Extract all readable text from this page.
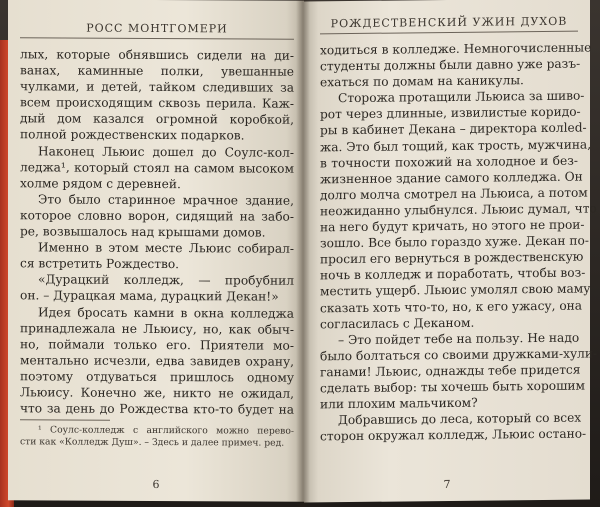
РОСС МОНТГОМЕРИ
лых, которые обнявшись сидели на ди-
ванах, каминные полки, увешанные
чулками, и детей, тайком следивших за
всем происходящим сквозь перила. Каж-
дый дом казался огромной коробкой,
полной рождественских подарков.
Наконец Льюис дошел до Соулс-кол-
леджа¹, который стоял на самом высоком
холме рядом с деревней.
Это было старинное мрачное здание,
которое словно ворон, сидящий на забо-
ре, возвышалось над крышами домов.
Именно в этом месте Льюис собирал-
ся встретить Рождество.
«Дурацкий колледж, — пробубнил
он. – Дурацкая мама, дурацкий Декан!»
Идея бросать камни в окна колледжа
принадлежала не Льюису, но, как обыч-
но, поймали только его. Приятели мо-
ментально исчезли, едва завидев охрану,
поэтому отдуваться пришлось одному
Льюису. Конечно же, никто не ожидал,
что за день до Рождества кто-то будет на
¹ Соулс-колледж с английского можно перево-
сти как «Колледж Душ». – Здесь и далее примеч. ред.
6
РОЖДЕСТВЕНСКИЙ УЖИН ДУХОВ
ходиться в колледже. Немногочисленные
студенты должны были давно уже разъ-
ехаться по домам на каникулы.
Сторожа протащили Льюиса за шиво-
рот через длинные, извилистые коридо-
ры в кабинет Декана – директора колled-
жа. Это был тощий, как трость, мужчина,
в точности похожий на холодное и без-
жизненное здание самого колледжа. Он
долго молча смотрел на Льюиса, а потом
неожиданно улыбнулся. Льюис думал, что
на него будут кричать, но этого не прои-
зошло. Все было гораздо хуже. Декан по-
просил его вернуться в рождественскую
ночь в колледж и поработать, чтобы воз-
местить ущерб. Льюис умолял свою маму
сказать хоть что-то, но, к его ужасу, она
согласилась с Деканом.
– Это пойдет тебе на пользу. Не надо
было болтаться со своими дружками-хули-
ганами! Льюис, однажды тебе придется
сделать выбор: ты хочешь быть хорошим
или плохим мальчиком?
Добравшись до леса, который со всех
сторон окружал колледж, Льюис остано-
7
